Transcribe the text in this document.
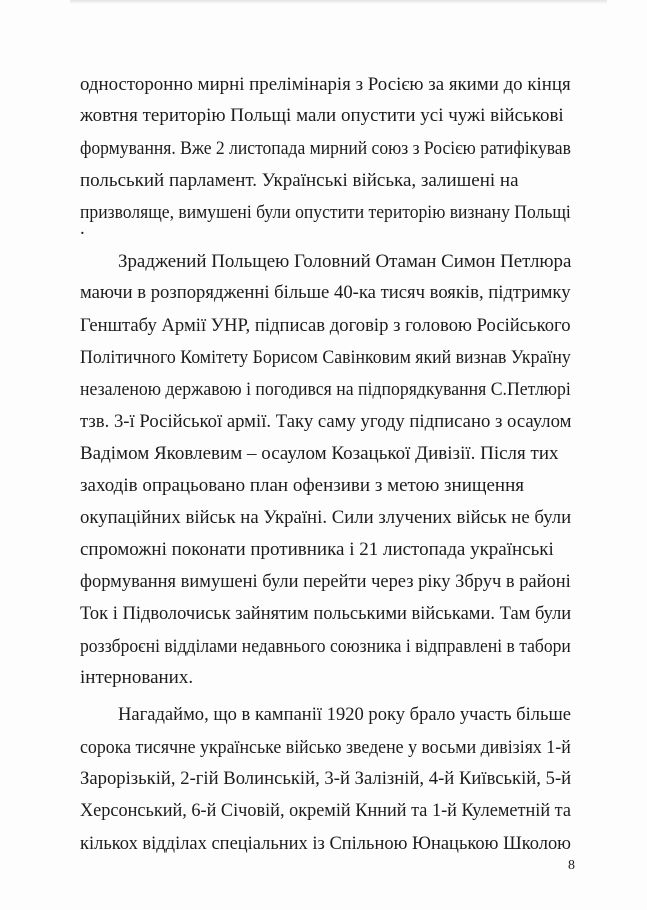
односторонно мирні прелімінарія з Росією за якими до кінця
жовтня територію Польщі мали опустити усі чужі військові
формування. Вже 2 листопада мирний союз з Росією ратифікував
польський парламент. Українські війська, залишені на
призволяще, вимушені були опустити територію визнану Польщі
.
Зраджений Польщею Головний Отаман Симон Петлюра
маючи в розпорядженні більше 40-ка тисяч вояків, підтримку
Генштабу Армії УНР, підписав договір з головою Російського
Політичного Комітету Борисом Савінковим який визнав Україну
незаленою державою і погодився на підпорядкування С.Петлюрі
тзв. 3-ї Російської армії. Таку саму угоду підписано з осаулом
Вадімом Яковлевим – осаулом Козацької Дивізії. Після тих
заходів опрацьовано план офензиви з метою знищення
окупаційних військ на Україні. Сили злучених військ не були
спроможні поконати противника і 21 листопада українські
формування вимушені були перейти через ріку Збруч в районі
Ток і Підволочиськ зайнятим польськими військами. Там були
роззброєні відділами недавнього союзника і відправлені в табори
інтернованих.
Нагадаймо, що в кампанії 1920 року брало участь більше
сорока тисячне українське військо зведене у восьми дивізіях 1-й
Зарорізькій, 2-гій Волинській, 3-й Залізній, 4-й Київській, 5-й
Херсонський, 6-й Січовій, окремій Кнний та 1-й Кулеметній та
кількох відділах спеціальних із Спільною Юнацькою Школою
8
